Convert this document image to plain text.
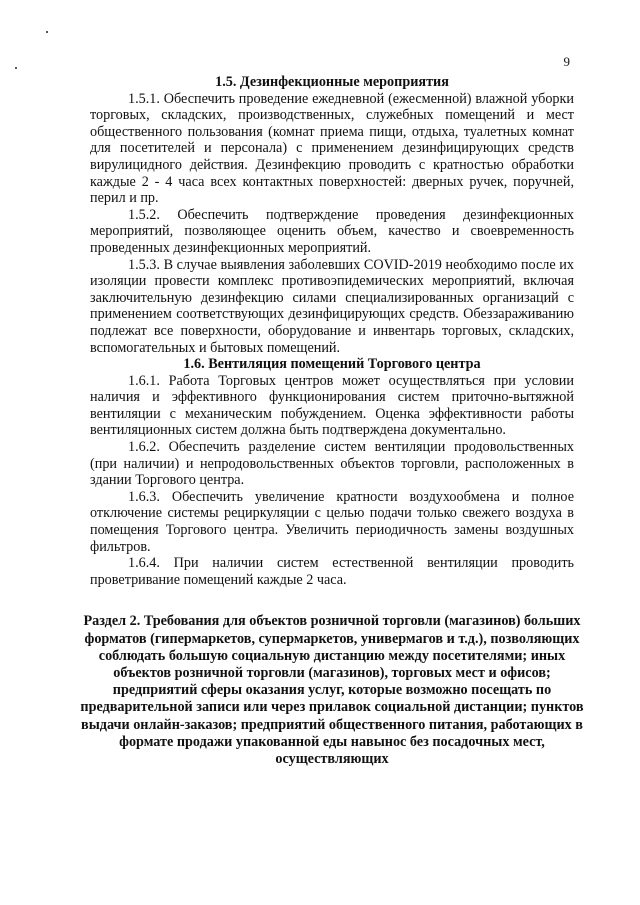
9
1.5. Дезинфекционные мероприятия

1.5.1. Обеспечить проведение ежедневной (ежесменной) влажной уборки торговых, складских, производственных, служебных помещений и мест общественного пользования (комнат приема пищи, отдыха, туалетных комнат для посетителей и персонала) с применением дезинфицирующих средств вирулицидного действия. Дезинфекцию проводить с кратностью обработки каждые 2 - 4 часа всех контактных поверхностей: дверных ручек, поручней, перил и пр.

1.5.2. Обеспечить подтверждение проведения дезинфекционных мероприятий, позволяющее оценить объем, качество и своевременность проведенных дезинфекционных мероприятий.

1.5.3. В случае выявления заболевших COVID-2019 необходимо после их изоляции провести комплекс противоэпидемических мероприятий, включая заключительную дезинфекцию силами специализированных организаций с применением соответствующих дезинфицирующих средств. Обеззараживанию подлежат все поверхности, оборудование и инвентарь торговых, складских, вспомогательных и бытовых помещений.

1.6. Вентиляция помещений Торгового центра

1.6.1. Работа Торговых центров может осуществляться при условии наличия и эффективного функционирования систем приточно-вытяжной вентиляции с механическим побуждением. Оценка эффективности работы вентиляционных систем должна быть подтверждена документально.

1.6.2. Обеспечить разделение систем вентиляции продовольственных (при наличии) и непродовольственных объектов торговли, расположенных в здании Торгового центра.

1.6.3. Обеспечить увеличение кратности воздухообмена и полное отключение системы рециркуляции с целью подачи только свежего воздуха в помещения Торгового центра. Увеличить периодичность замены воздушных фильтров.

1.6.4. При наличии систем естественной вентиляции проводить проветривание помещений каждые 2 часа.

Раздел 2. Требования для объектов розничной торговли (магазинов) больших форматов (гипермаркетов, супермаркетов, универмагов и т.д.), позволяющих соблюдать большую социальную дистанцию между посетителями; иных объектов розничной торговли (магазинов), торговых мест и офисов; предприятий сферы оказания услуг, которые возможно посещать по предварительной записи или через прилавок социальной дистанции; пунктов выдачи онлайн-заказов; предприятий общественного питания, работающих в формате продажи упакованной еды навынос без посадочных мест, осуществляющих
